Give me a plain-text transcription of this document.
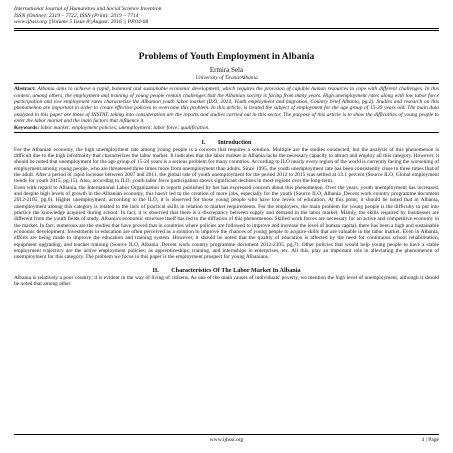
International Journal of Humanities and Social Science Invention
ISSN (Online): 2319 – 7722, ISSN (Print): 2319 – 7714
www.ijhssi.org ||Volume 5 Issue 8||August. 2016 || PP.04-08
Problems of Youth Employment in Albania
Ermira Sela
University of Tirana/Albania
Abstract: Albania aims to achieve a rapid, balanced and sustainable economic development, which requires the provision of capable human resources to cope with different challenges. In this context, among others, the employment and training of young people remain challenges that the Albanian society is facing from many years. High unemployment rates along with low labor force participation and low employment rates characterize the Albanian youth labor market (ILO, 2014, Youth employment and migration, Country brief Albania, pg.2). Studies and research on this phenomenon are important in order to create effective policies to overcome this problem. In this article, is treated the subject of employment for the age group of 15-29 years old. The main data analyzed in this paper are those of INSTAT, taking into consideration are the reports and studies carried out in this sector. The purpose of this article is to show the difficulties of young people to enter the labor market and the main factors that influence it.
Keywords: labor market; employment policies; unemployment; labor force; qualification.
I.        Introduction

For the Albanian economy, the high unemployment rate among young people is a concern that requires a solution. Multiple are the studies conducted, but the analysis of this phenomenon is difficult due to the high informality that characterizes the labor market. It indicates that the labor market in Albania lacks the necessary capacity to attract and employ all this category. However, it should be noted that unemployment for the age group of 15-24 years is a serious problem for many countries. According to ILO nearly every region of the world is currently facing the worsening of employment among young people, who are threatened three times more from unemployment than adults. Since 1995, the youth unemployment rate has been consistently close to three times that of the adult. After a period of rapid increase between 2007 and 2011, the global rate of youth unemployment for the period 2012 to 2015 was settled at 13.1 percent (Source ILO, Global employment trends for youth 2015, pg.15). Also, according to ILO, youth labor force participation shows significant declines in most regions over the long-term.

Even with regard to Albania, the International Labor Organization in reports published by her has expressed concern about this phenomenon. Over the years, youth unemployment has increased, and despite high levels of growth in the Albanian economy, this hasn't led to the creation of more jobs, especially for the youth (Source ILO, Albania ,Decent work country programme document 2012-2105, pg.6). Higher unemployment, according to the ILO, it is observed for those young people who have low levels of education. At this point, it should be noted that in Albania, unemployment among this category is related to the lack of practical skills in relation to market requirements. For the employers, the main problem for young people is the difficulty to put into practice the knowledge acquired during school. In fact, it is observed that there is a discrepancy between supply and demand in the labor market. Mainly, the skills required by businesses are different from the youth fields of study. Albania's economic structure itself has led to the diffusion of this phenomenon. Skilled work forces are necessary for an active and competitive economy in the market. In fact, numerous are the studies that have proved that in countries where policies are followed to improve and increase the level of human capital, there has been a high and sustainable economic development. Investments in education are often perceived as a solution to improve the chances of young people to acquire skills that are valuable in the labor market. Even in Albania, efforts are being made to improve the education and training system. However, it should be noted that the quality of education is affected by the need for continuous school rehabilitation, equipment upgrading, and teacher training (Source ILO, Albania ,Decent work country programme document 2012-2105, pg.7). Other policies that would help young people to have a stable employment trajectory are the active employment policies; as apprenticeships, training, and internships in enterprises, etc. All this, play an important role in alleviating the phenomenon of unemployment for this category. The problem we focus in this paper is the employment prospect for young Albanians.

II.        Characteristics Of The Labor Market In Albania

Albania is relatively a poor country; it is evident in the way of living of citizens. As one of the main causes of individuals' poverty, we mention the high level of unemployment, although it should be noted that among other

www.ijhssi.org	4 | Page
